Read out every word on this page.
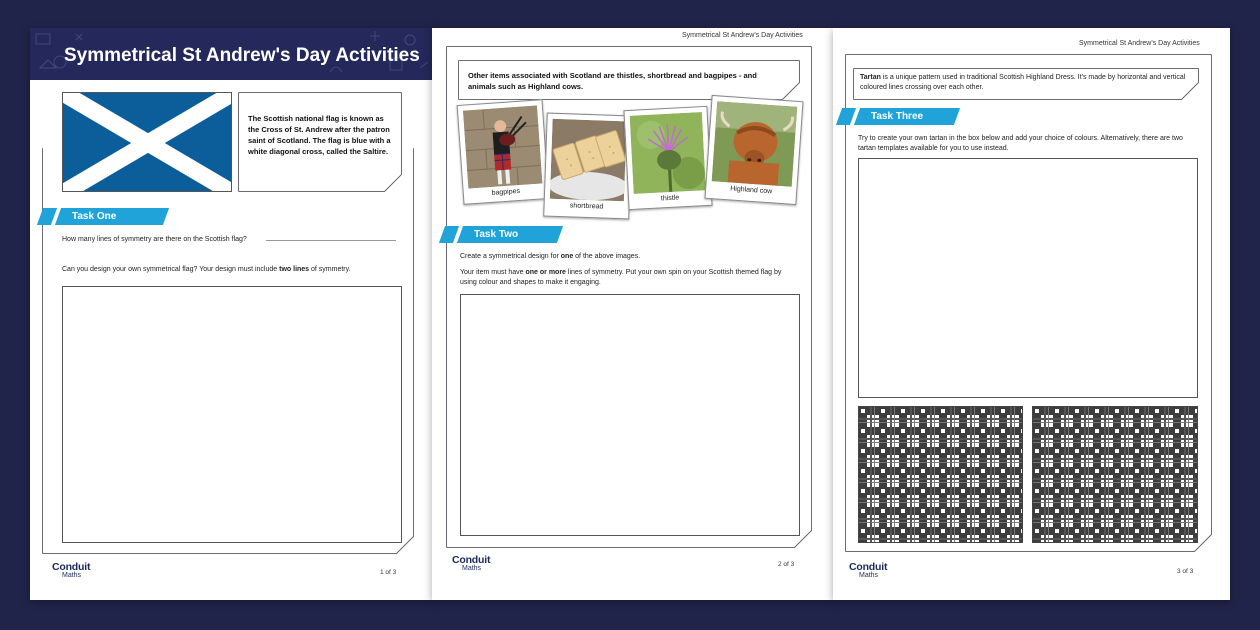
Symmetrical St Andrew's Day Activities
The Scottish national flag is known as the Cross of St. Andrew after the patron saint of Scotland. The flag is blue with a white diagonal cross, called the Saltire.
Task One
How many lines of symmetry are there on the Scottish flag?
Can you design your own symmetrical flag? Your design must include two lines of symmetry.
Conduit
Maths	1 of 3
Symmetrical St Andrew's Day Activities
Other items associated with Scotland are thistles, shortbread and bagpipes - and animals such as Highland cows.
bagpipes
shortbread
thistle
Highland cow
Task Two
Create a symmetrical design for one of the above images.
Your item must have one or more lines of symmetry. Put your own spin on your Scottish themed flag by using colour and shapes to make it engaging.
Conduit
Maths
2 of 3
Symmetrical St Andrew's Day Activities
Tartan is a unique pattern used in traditional Scottish Highland Dress. It's made by horizontal and vertical coloured lines crossing over each other.
Task Three
Try to create your own tartan in the box below and add your choice of colours. Alternatively, there are two tartan templates available for you to use instead.
Conduit
Maths
3 of 3
